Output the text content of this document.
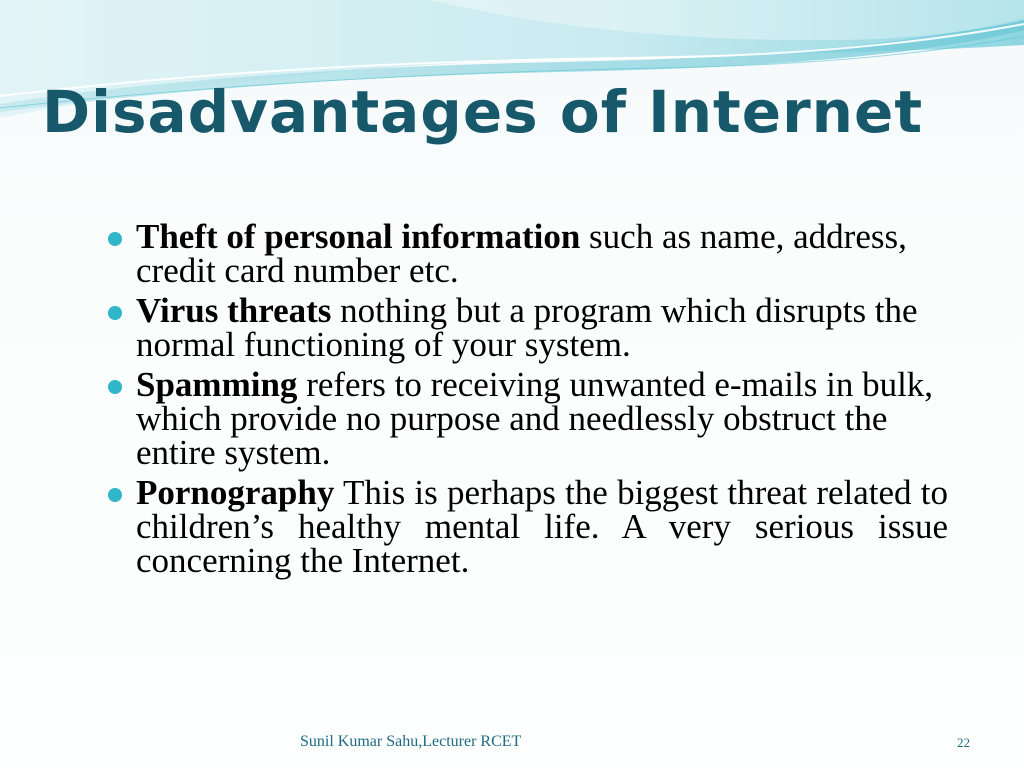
Disadvantages of Internet
Theft of personal information such as name, address, credit card number etc.
Virus threats nothing but a program which disrupts the normal functioning of your system.
Spamming refers to receiving unwanted e-mails in bulk, which provide no purpose and needlessly obstruct the entire system.
Pornography This is perhaps the biggest threat related to children’s healthy mental life. A very serious issue concerning the Internet.
Sunil Kumar Sahu,Lecturer RCET	22
